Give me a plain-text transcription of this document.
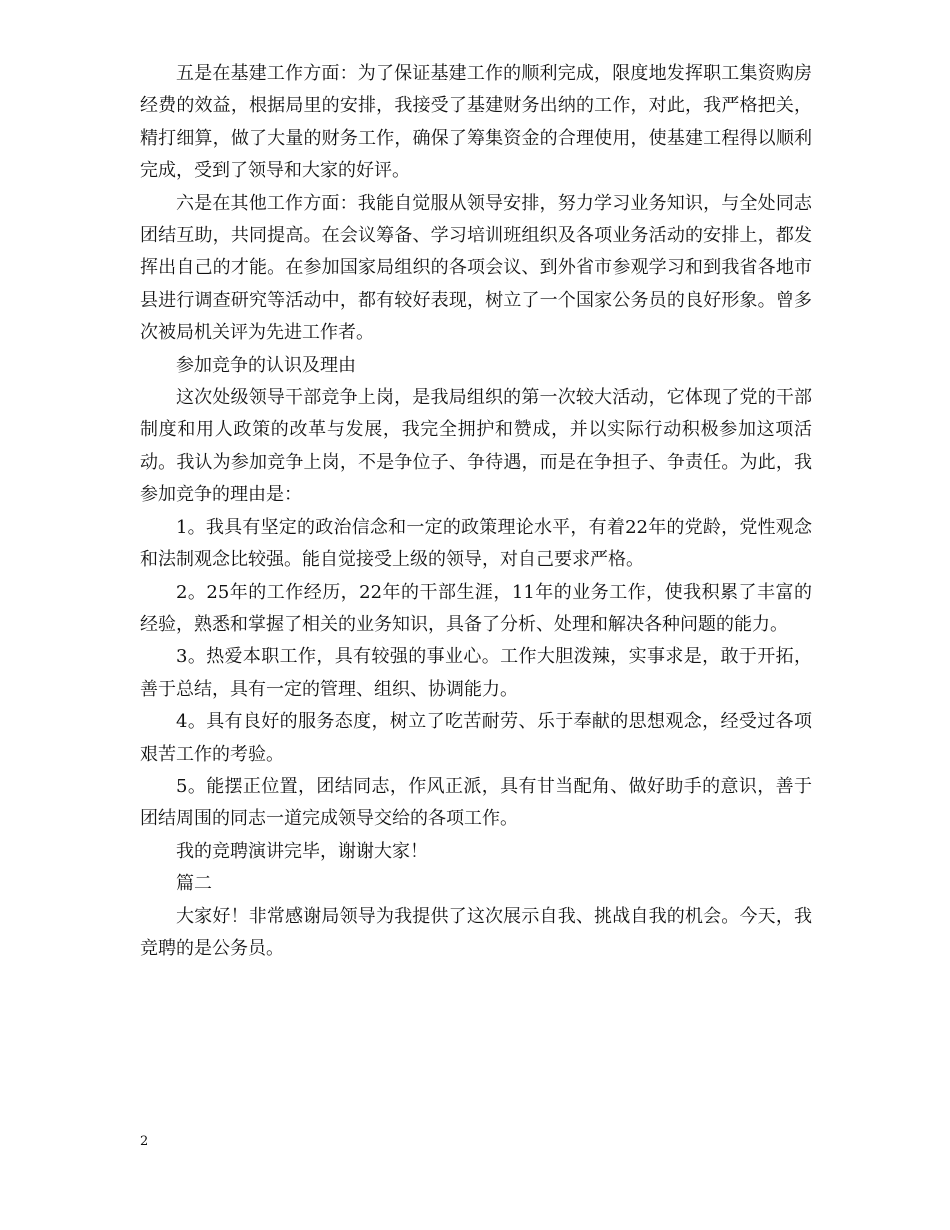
五是在基建工作方面：为了保证基建工作的顺利完成，限度地发挥职工集资购房经费的效益，根据局里的安排，我接受了基建财务出纳的工作，对此，我严格把关，精打细算，做了大量的财务工作，确保了筹集资金的合理使用，使基建工程得以顺利完成，受到了领导和大家的好评。

六是在其他工作方面：我能自觉服从领导安排，努力学习业务知识，与全处同志团结互助，共同提高。在会议筹备、学习培训班组织及各项业务活动的安排上，都发挥出自己的才能。在参加国家局组织的各项会议、到外省市参观学习和到我省各地市县进行调查研究等活动中，都有较好表现，树立了一个国家公务员的良好形象。曾多次被局机关评为先进工作者。

参加竞争的认识及理由

这次处级领导干部竞争上岗，是我局组织的第一次较大活动，它体现了党的干部制度和用人政策的改革与发展，我完全拥护和赞成，并以实际行动积极参加这项活动。我认为参加竞争上岗，不是争位子、争待遇，而是在争担子、争责任。为此，我参加竞争的理由是：

1。我具有坚定的政治信念和一定的政策理论水平，有着22年的党龄，党性观念和法制观念比较强。能自觉接受上级的领导，对自己要求严格。

2。25年的工作经历，22年的干部生涯，11年的业务工作，使我积累了丰富的经验，熟悉和掌握了相关的业务知识，具备了分析、处理和解决各种问题的能力。

3。热爱本职工作，具有较强的事业心。工作大胆泼辣，实事求是，敢于开拓，善于总结，具有一定的管理、组织、协调能力。

4。具有良好的服务态度，树立了吃苦耐劳、乐于奉献的思想观念，经受过各项艰苦工作的考验。

5。能摆正位置，团结同志，作风正派，具有甘当配角、做好助手的意识，善于团结周围的同志一道完成领导交给的各项工作。

我的竞聘演讲完毕，谢谢大家！

篇二

大家好！非常感谢局领导为我提供了这次展示自我、挑战自我的机会。今天，我竞聘的是公务员。

2
